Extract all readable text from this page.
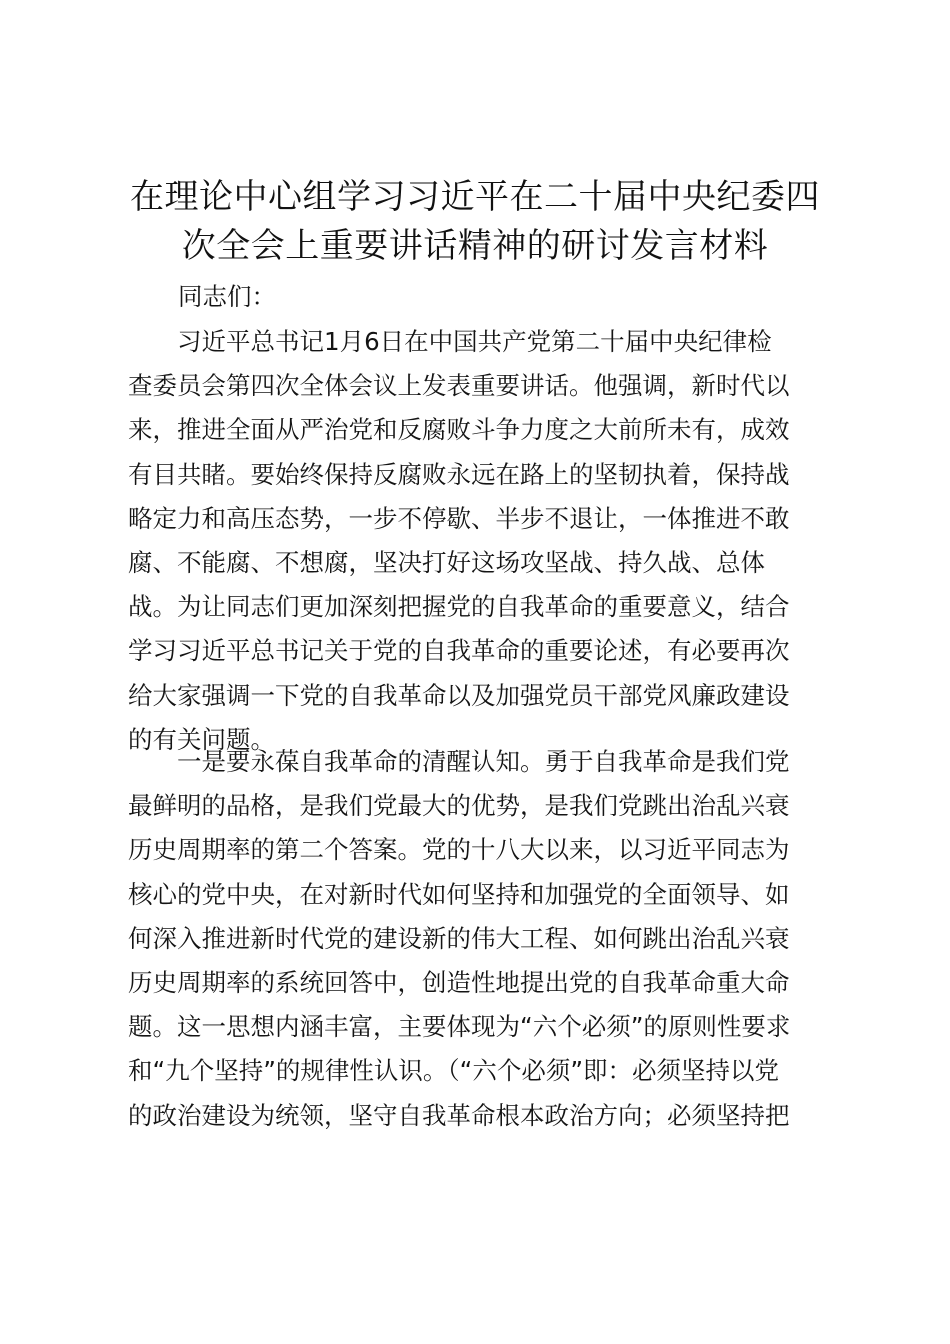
在理论中心组学习习近平在二十届中央纪委四
次全会上重要讲话精神的研讨发言材料
同志们：
　　习近平总书记1月6日在中国共产党第二十届中央纪律检
查委员会第四次全体会议上发表重要讲话。他强调，新时代以
来，推进全面从严治党和反腐败斗争力度之大前所未有，成效
有目共睹。要始终保持反腐败永远在路上的坚韧执着，保持战
略定力和高压态势，一步不停歇、半步不退让，一体推进不敢
腐、不能腐、不想腐，坚决打好这场攻坚战、持久战、总体
战。为让同志们更加深刻把握党的自我革命的重要意义，结合
学习习近平总书记关于党的自我革命的重要论述，有必要再次
给大家强调一下党的自我革命以及加强党员干部党风廉政建设
的有关问题。
　　一是要永葆自我革命的清醒认知。勇于自我革命是我们党
最鲜明的品格，是我们党最大的优势，是我们党跳出治乱兴衰
历史周期率的第二个答案。党的十八大以来，以习近平同志为
核心的党中央，在对新时代如何坚持和加强党的全面领导、如
何深入推进新时代党的建设新的伟大工程、如何跳出治乱兴衰
历史周期率的系统回答中，创造性地提出党的自我革命重大命
题。这一思想内涵丰富，主要体现为“六个必须”的原则性要求
和“九个坚持”的规律性认识。（“六个必须”即：必须坚持以党
的政治建设为统领，坚守自我革命根本政治方向；必须坚持把
